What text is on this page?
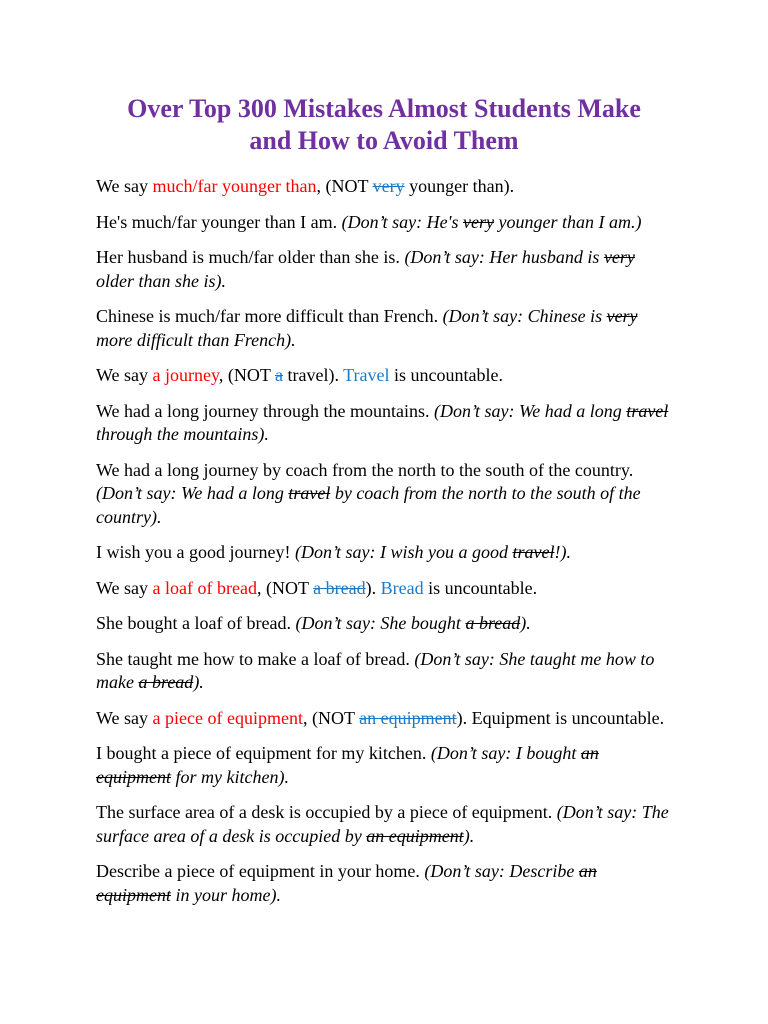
Over Top 300 Mistakes Almost Students Make and How to Avoid Them

We say much/far younger than, (NOT very younger than).

He's much/far younger than I am. (Don’t say: He's very younger than I am.)

Her husband is much/far older than she is. (Don’t say: Her husband is very older than she is).

Chinese is much/far more difficult than French. (Don’t say: Chinese is very more difficult than French).

We say a journey, (NOT a travel). Travel is uncountable.

We had a long journey through the mountains. (Don’t say: We had a long travel through the mountains).

We had a long journey by coach from the north to the south of the country. (Don’t say: We had a long travel by coach from the north to the south of the country).

I wish you a good journey! (Don’t say: I wish you a good travel!).

We say a loaf of bread, (NOT a bread). Bread is uncountable.

She bought a loaf of bread. (Don’t say: She bought a bread).

She taught me how to make a loaf of bread. (Don’t say: She taught me how to make a bread).

We say a piece of equipment, (NOT an equipment). Equipment is uncountable.

I bought a piece of equipment for my kitchen. (Don’t say: I bought an equipment for my kitchen).

The surface area of a desk is occupied by a piece of equipment. (Don’t say: The surface area of a desk is occupied by an equipment).

Describe a piece of equipment in your home. (Don’t say: Describe an equipment in your home).
